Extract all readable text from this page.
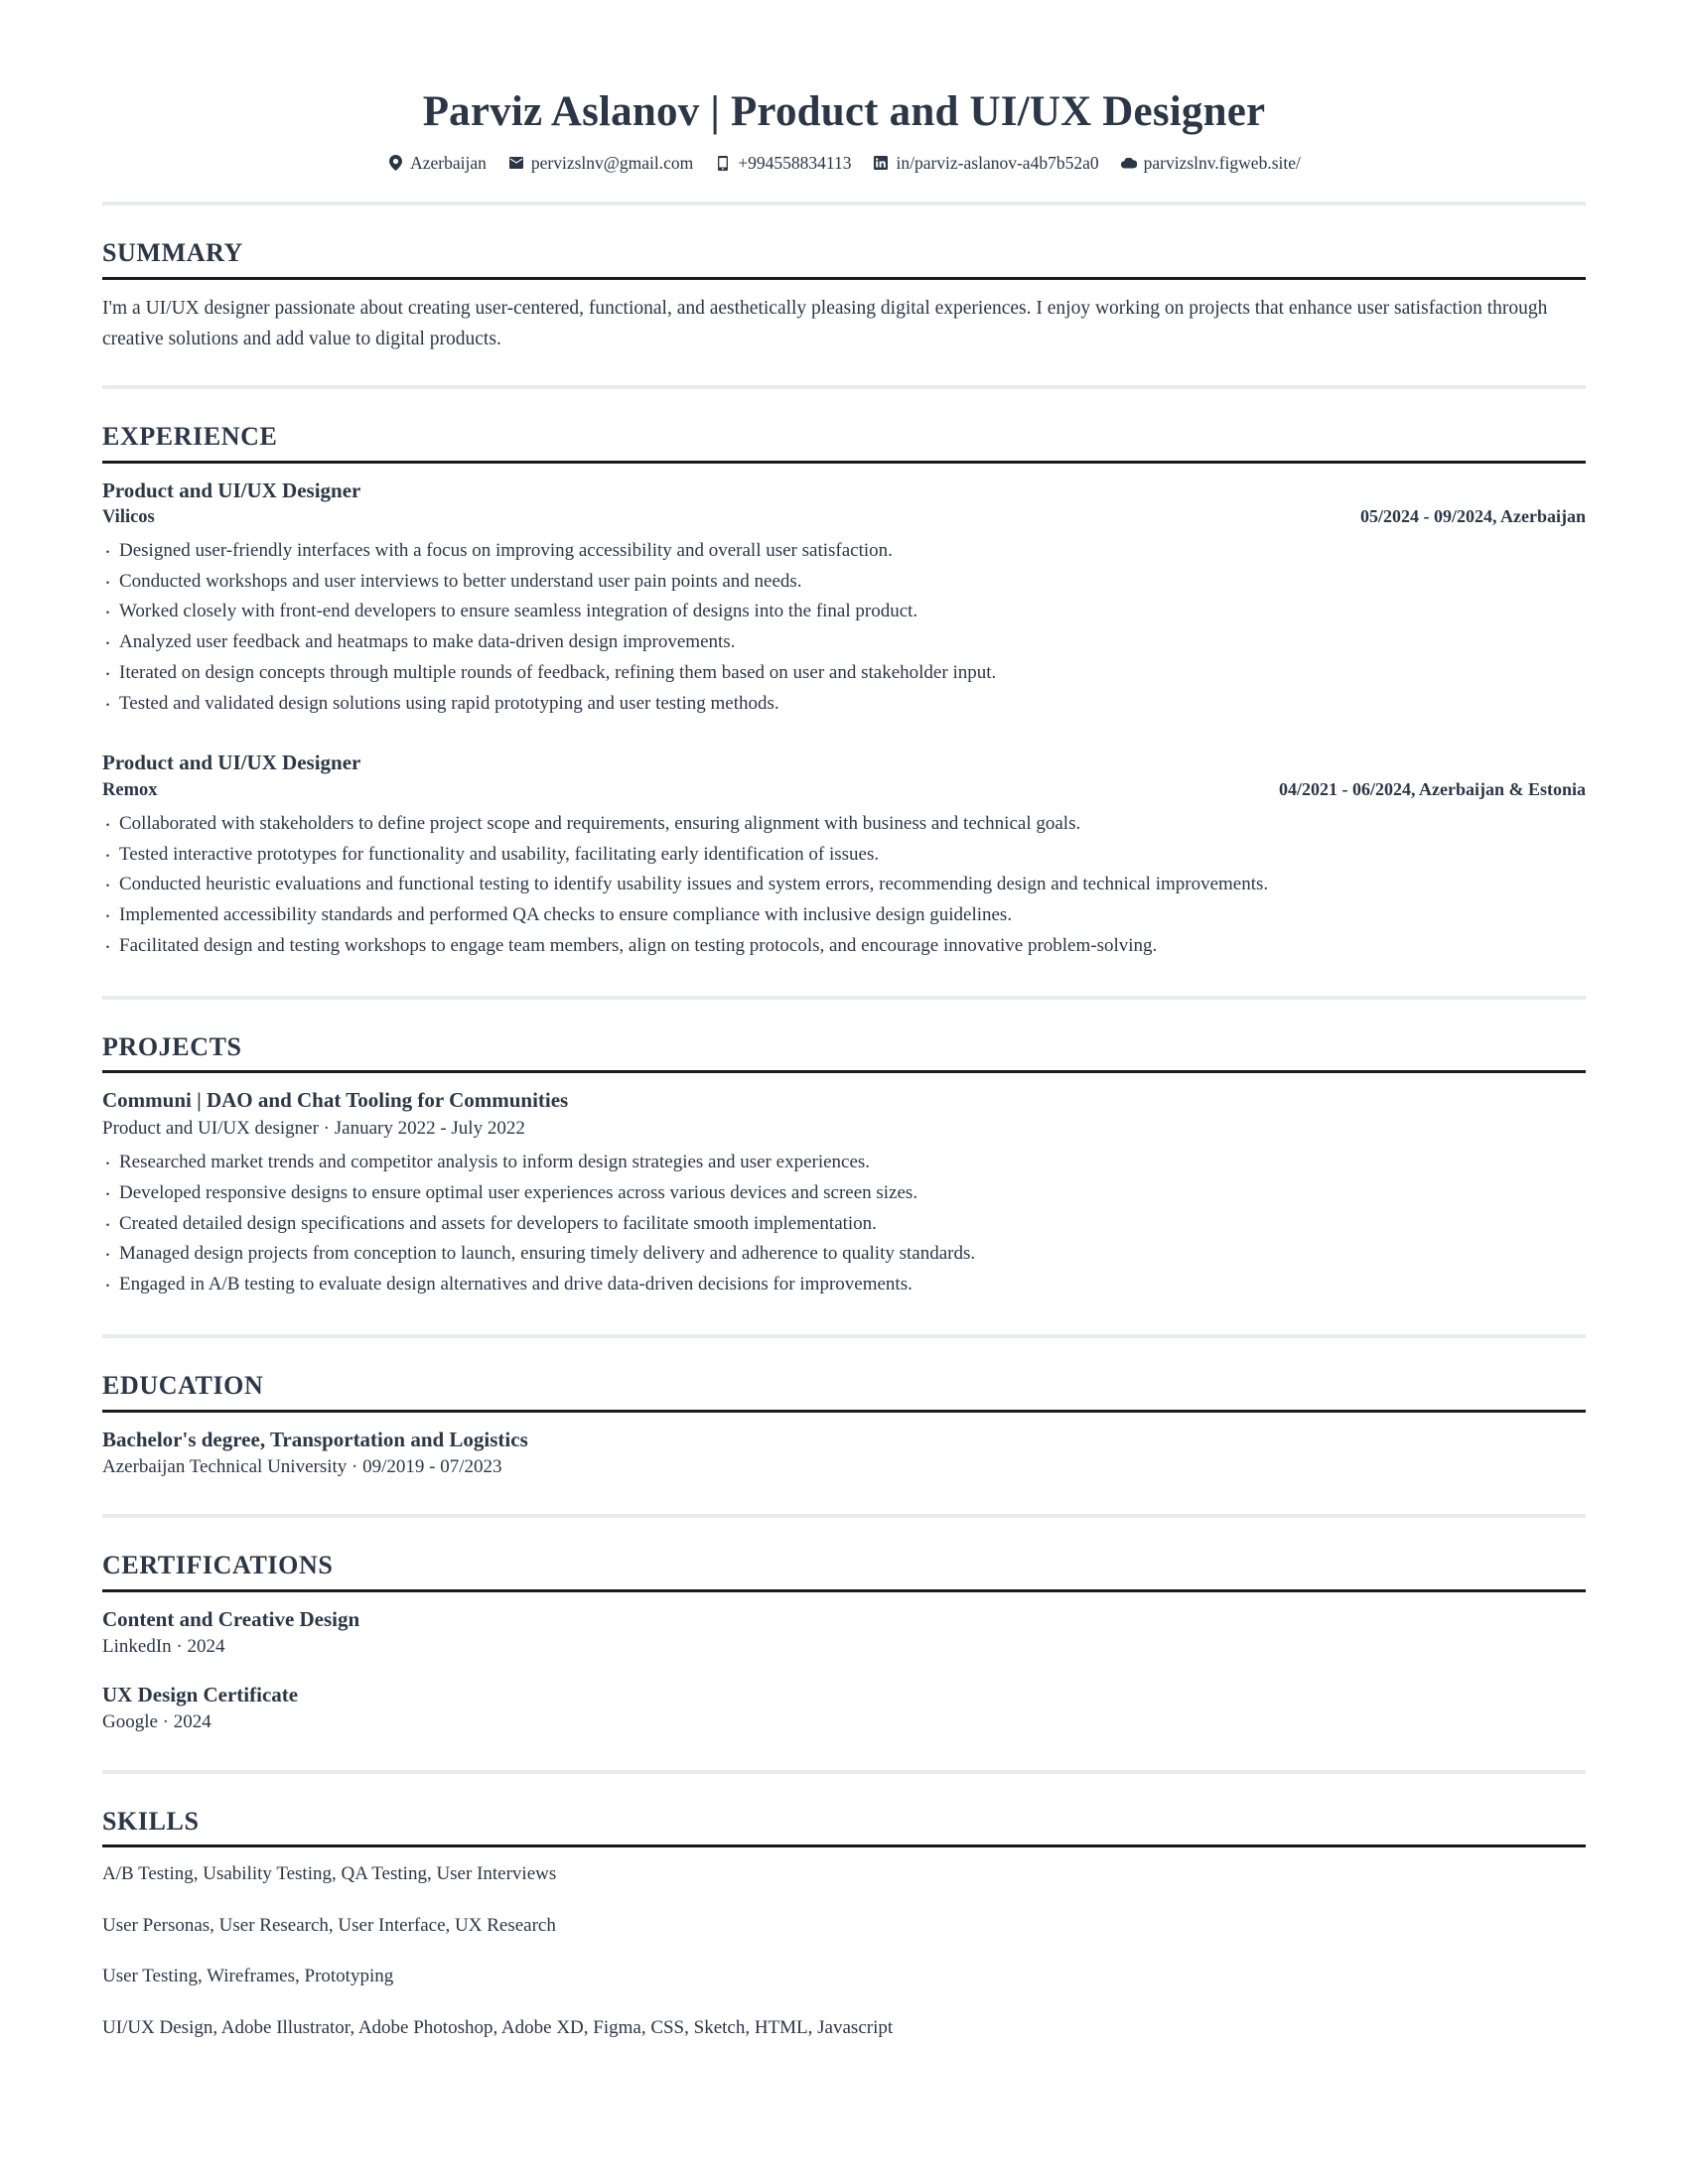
Parviz Aslanov | Product and UI/UX Designer
Azerbaijan	pervizslnv@gmail.com	+994558834113	in/parviz-aslanov-a4b7b52a0	parvizslnv.figweb.site/
SUMMARY
I'm a UI/UX designer passionate about creating user-centered, functional, and aesthetically pleasing digital experiences. I enjoy working on projects that enhance user satisfaction through creative solutions and add value to digital products.
EXPERIENCE
Product and UI/UX Designer
Vilicos	05/2024 - 09/2024, Azerbaijan
· Designed user-friendly interfaces with a focus on improving accessibility and overall user satisfaction.
· Conducted workshops and user interviews to better understand user pain points and needs.
· Worked closely with front-end developers to ensure seamless integration of designs into the final product.
· Analyzed user feedback and heatmaps to make data-driven design improvements.
· Iterated on design concepts through multiple rounds of feedback, refining them based on user and stakeholder input.
· Tested and validated design solutions using rapid prototyping and user testing methods.
Product and UI/UX Designer
Remox	04/2021 - 06/2024, Azerbaijan & Estonia
· Collaborated with stakeholders to define project scope and requirements, ensuring alignment with business and technical goals.
· Tested interactive prototypes for functionality and usability, facilitating early identification of issues.
· Conducted heuristic evaluations and functional testing to identify usability issues and system errors, recommending design and technical improvements.
· Implemented accessibility standards and performed QA checks to ensure compliance with inclusive design guidelines.
· Facilitated design and testing workshops to engage team members, align on testing protocols, and encourage innovative problem-solving.
PROJECTS
Communi | DAO and Chat Tooling for Communities
Product and UI/UX designer · January 2022 - July 2022
· Researched market trends and competitor analysis to inform design strategies and user experiences.
· Developed responsive designs to ensure optimal user experiences across various devices and screen sizes.
· Created detailed design specifications and assets for developers to facilitate smooth implementation.
· Managed design projects from conception to launch, ensuring timely delivery and adherence to quality standards.
· Engaged in A/B testing to evaluate design alternatives and drive data-driven decisions for improvements.
EDUCATION
Bachelor's degree, Transportation and Logistics
Azerbaijan Technical University · 09/2019 - 07/2023
CERTIFICATIONS
Content and Creative Design
LinkedIn · 2024
UX Design Certificate
Google · 2024
SKILLS
A/B Testing, Usability Testing, QA Testing, User Interviews
User Personas, User Research, User Interface, UX Research
User Testing, Wireframes, Prototyping
UI/UX Design, Adobe Illustrator, Adobe Photoshop, Adobe XD, Figma, CSS, Sketch, HTML, Javascript
